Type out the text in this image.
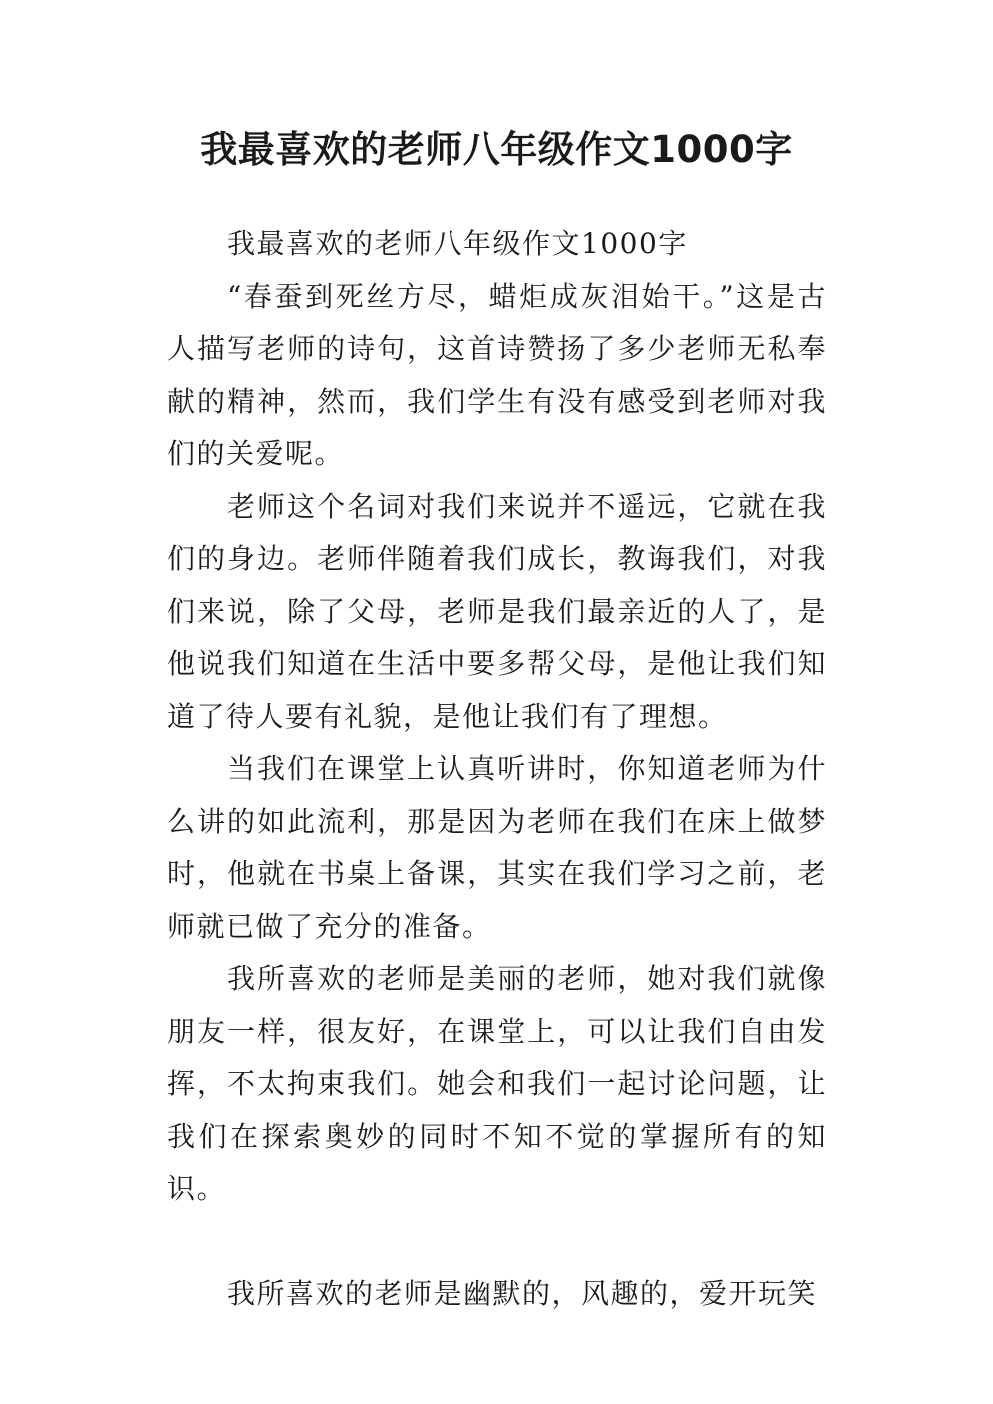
我最喜欢的老师八年级作文1000字

我最喜欢的老师八年级作文1000字

“春蚕到死丝方尽，蜡炬成灰泪始干。”这是古人描写老师的诗句，这首诗赞扬了多少老师无私奉献的精神，然而，我们学生有没有感受到老师对我们的关爱呢。

老师这个名词对我们来说并不遥远，它就在我们的身边。老师伴随着我们成长，教诲我们，对我们来说，除了父母，老师是我们最亲近的人了，是他说我们知道在生活中要多帮父母，是他让我们知道了待人要有礼貌，是他让我们有了理想。

当我们在课堂上认真听讲时，你知道老师为什么讲的如此流利，那是因为老师在我们在床上做梦时，他就在书桌上备课，其实在我们学习之前，老师就已做了充分的准备。

我所喜欢的老师是美丽的老师，她对我们就像朋友一样，很友好，在课堂上，可以让我们自由发挥，不太拘束我们。她会和我们一起讨论问题，让我们在探索奥妙的同时不知不觉的掌握所有的知识。

我所喜欢的老师是幽默的，风趣的，爱开玩笑
